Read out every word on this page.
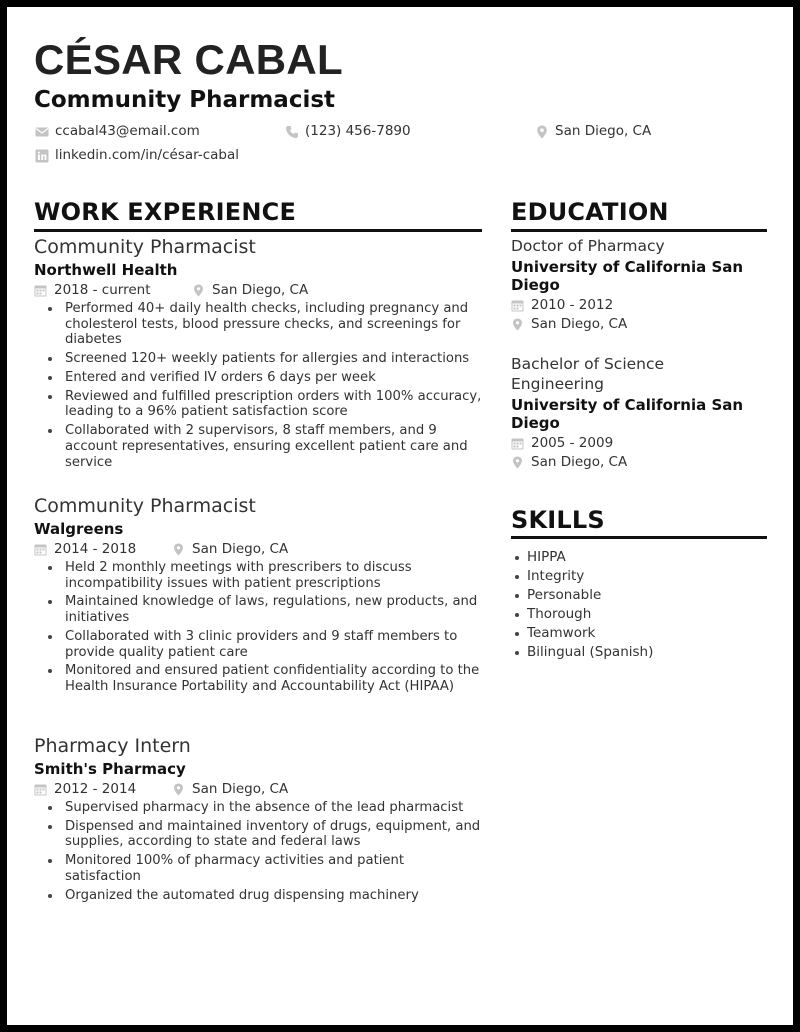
CÉSAR CABAL
Community Pharmacist
ccabal43@email.com	(123) 456-7890	San Diego, CA
linkedin.com/in/césar-cabal
WORK EXPERIENCE
Community Pharmacist
Northwell Health
2018 - current	San Diego, CA
Performed 40+ daily health checks, including pregnancy and cholesterol tests, blood pressure checks, and screenings for diabetes
Screened 120+ weekly patients for allergies and interactions
Entered and verified IV orders 6 days per week
Reviewed and fulfilled prescription orders with 100% accuracy, leading to a 96% patient satisfaction score
Collaborated with 2 supervisors, 8 staff members, and 9 account representatives, ensuring excellent patient care and service
Community Pharmacist
Walgreens
2014 - 2018	San Diego, CA
Held 2 monthly meetings with prescribers to discuss incompatibility issues with patient prescriptions
Maintained knowledge of laws, regulations, new products, and initiatives
Collaborated with 3 clinic providers and 9 staff members to provide quality patient care
Monitored and ensured patient confidentiality according to the Health Insurance Portability and Accountability Act (HIPAA)
Pharmacy Intern
Smith's Pharmacy
2012 - 2014	San Diego, CA
Supervised pharmacy in the absence of the lead pharmacist
Dispensed and maintained inventory of drugs, equipment, and supplies, according to state and federal laws
Monitored 100% of pharmacy activities and patient satisfaction
Organized the automated drug dispensing machinery
EDUCATION
Doctor of Pharmacy
University of California San Diego
2010 - 2012
San Diego, CA
Bachelor of Science Engineering
University of California San Diego
2005 - 2009
San Diego, CA
SKILLS
HIPPA
Integrity
Personable
Thorough
Teamwork
Bilingual (Spanish)
